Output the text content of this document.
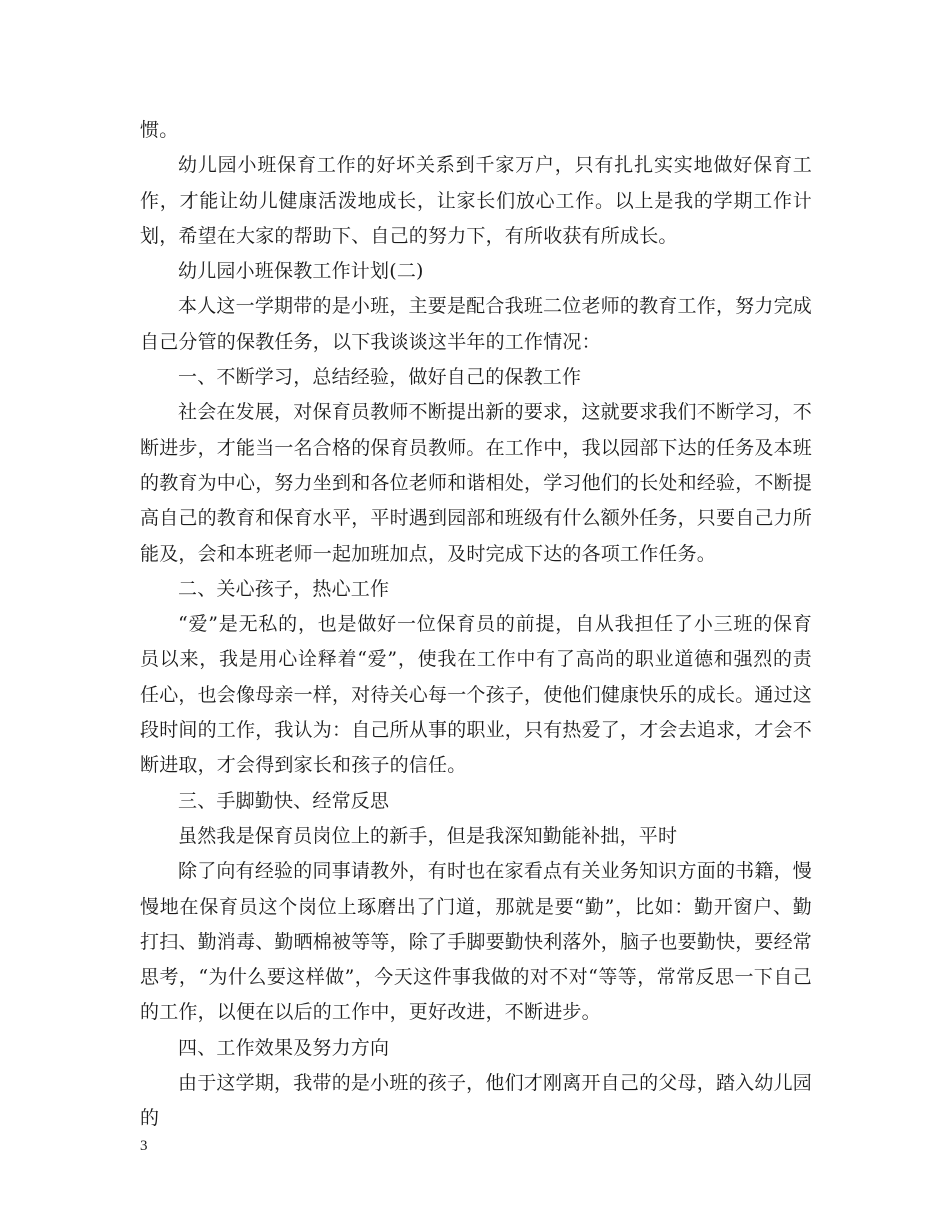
惯。

幼儿园小班保育工作的好坏关系到千家万户，只有扎扎实实地做好保育工作，才能让幼儿健康活泼地成长，让家长们放心工作。以上是我的学期工作计划，希望在大家的帮助下、自己的努力下，有所收获有所成长。

幼儿园小班保教工作计划(二)

本人这一学期带的是小班，主要是配合我班二位老师的教育工作，努力完成自己分管的保教任务，以下我谈谈这半年的工作情况：

一、不断学习，总结经验，做好自己的保教工作

社会在发展，对保育员教师不断提出新的要求，这就要求我们不断学习，不断进步，才能当一名合格的保育员教师。在工作中，我以园部下达的任务及本班的教育为中心，努力坐到和各位老师和谐相处，学习他们的长处和经验，不断提高自己的教育和保育水平，平时遇到园部和班级有什么额外任务，只要自己力所能及，会和本班老师一起加班加点，及时完成下达的各项工作任务。

二、关心孩子，热心工作

“爱”是无私的，也是做好一位保育员的前提，自从我担任了小三班的保育员以来，我是用心诠释着“爱”，使我在工作中有了高尚的职业道德和强烈的责任心，也会像母亲一样，对待关心每一个孩子，使他们健康快乐的成长。通过这段时间的工作，我认为：自己所从事的职业，只有热爱了，才会去追求，才会不断进取，才会得到家长和孩子的信任。

三、手脚勤快、经常反思

虽然我是保育员岗位上的新手，但是我深知勤能补拙，平时

除了向有经验的同事请教外，有时也在家看点有关业务知识方面的书籍，慢慢地在保育员这个岗位上琢磨出了门道，那就是要“勤”，比如：勤开窗户、勤打扫、勤消毒、勤晒棉被等等，除了手脚要勤快利落外，脑子也要勤快，要经常思考，“为什么要这样做”，今天这件事我做的对不对“等等，常常反思一下自己的工作，以便在以后的工作中，更好改进，不断进步。

四、工作效果及努力方向

由于这学期，我带的是小班的孩子，他们才刚离开自己的父母，踏入幼儿园的

3
